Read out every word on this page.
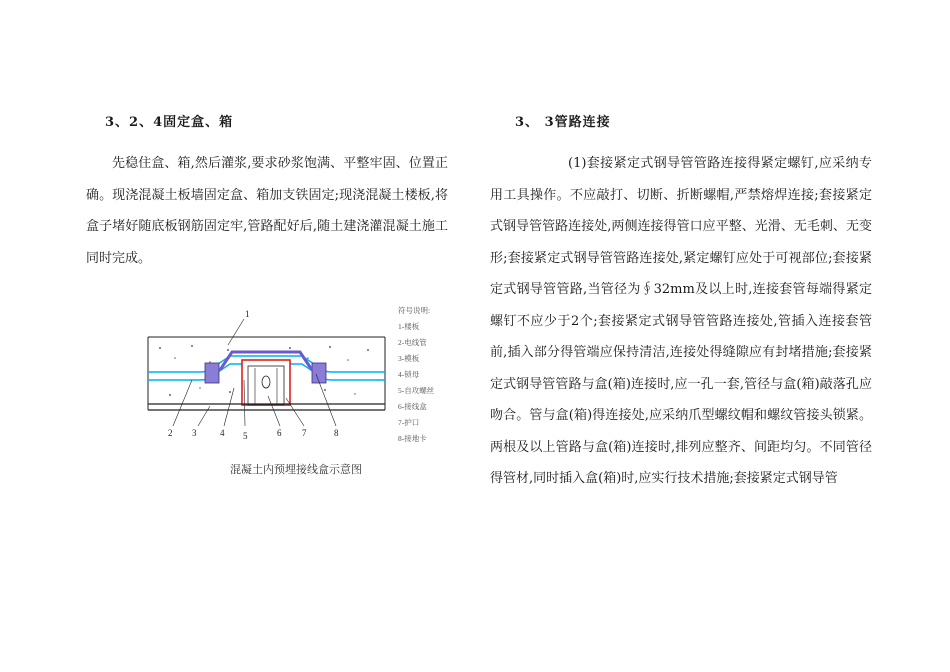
3、2、4固定盒、箱

先稳住盒、箱,然后灌浆,要求砂浆饱满、平整牢固、位置正确。现浇混凝土板墙固定盒、箱加支铁固定;现浇混凝土楼板,将盒子堵好随底板钢筋固定牢,管路配好后,随土建浇灌混凝土施工同时完成。

3、 3管路连接

(1)套接紧定式钢导管管路连接得紧定螺钉,应采纳专用工具操作。不应敲打、切断、折断螺帽,严禁熔焊连接;套接紧定式钢导管管路连接处,两侧连接得管口应平整、光滑、无毛刺、无变形;套接紧定式钢导管管路连接处,紧定螺钉应处于可视部位;套接紧定式钢导管管路,当管径为∮32mm及以上时,连接套管每端得紧定螺钉不应少于2个;套接紧定式钢导管管路连接处,管插入连接套管前,插入部分得管端应保持清洁,连接处得缝隙应有封堵措施;套接紧定式钢导管管路与盒(箱)连接时,应一孔一套,管径与盒(箱)敲落孔应吻合。管与盒(箱)得连接处,应采纳爪型螺纹帽和螺纹管接头锁紧。两根及以上管路与盒(箱)连接时,排列应整齐、间距均匀。不同管径得管材,同时插入盒(箱)时,应实行技术措施;套接紧定式钢导管

1
2 3	4 5	6 7	8
符号说明:
1-楼板
2-电线管
3-模板
4-锁母
5-自攻螺丝
6-接线盒
7-护口
8-接地卡
混凝土内预埋接线盒示意图
